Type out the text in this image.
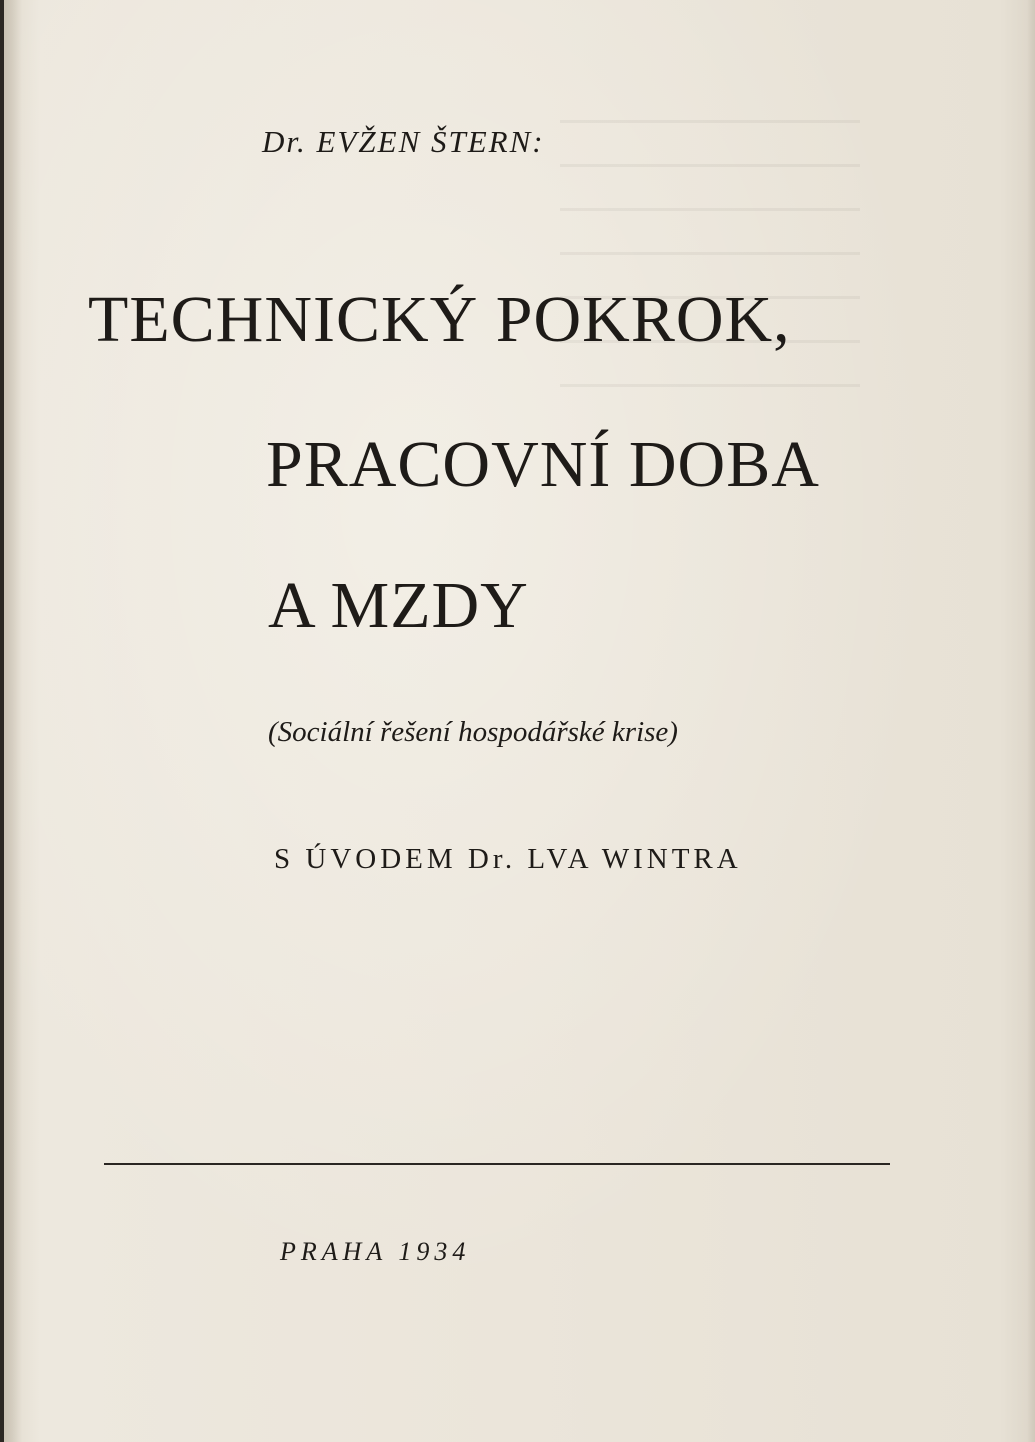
Dr. EVŽEN ŠTERN:
TECHNICKÝ POKROK,
PRACOVNÍ DOBA
A MZDY
(Sociální řešení hospodářské krise)
S ÚVODEM Dr. LVA WINTRA
PRAHA 1934
